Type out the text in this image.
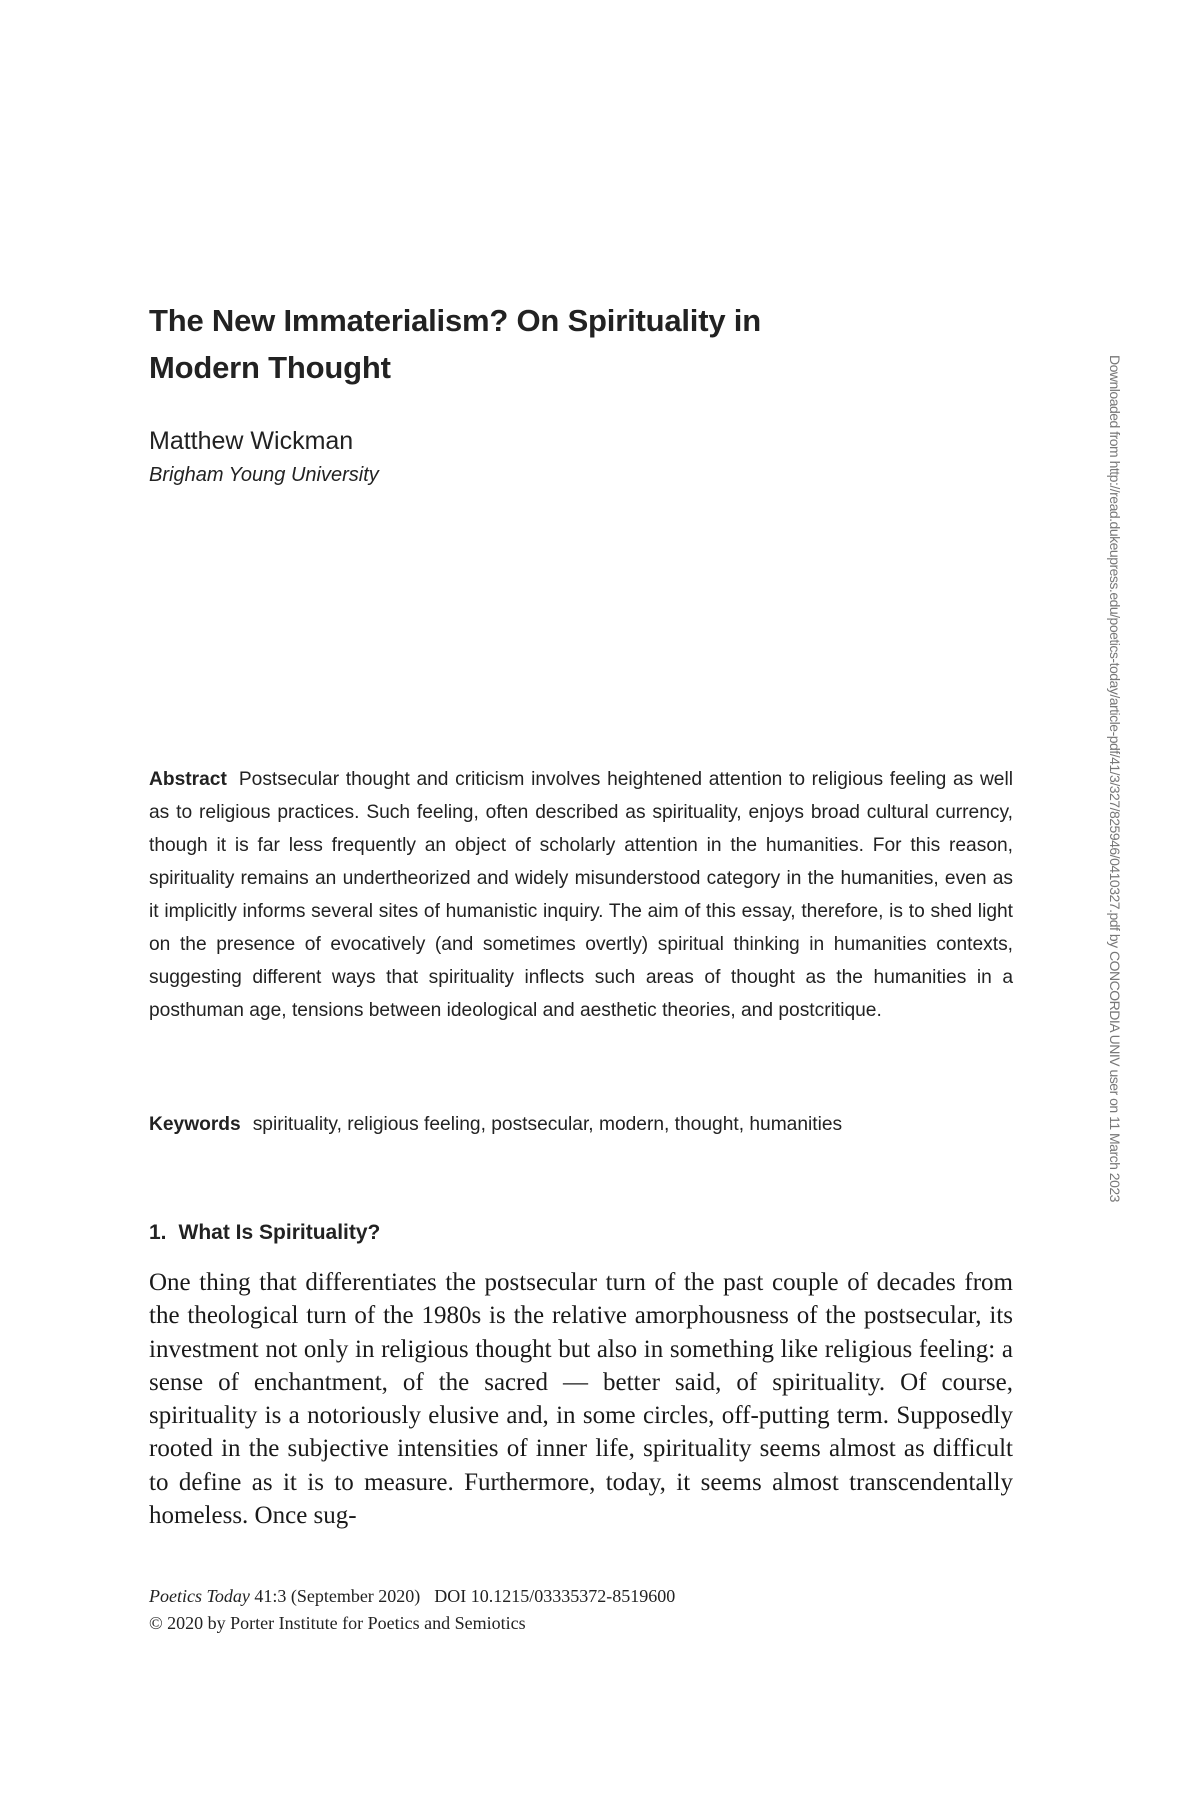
The New Immaterialism? On Spirituality in
Modern Thought
Matthew Wickman
Brigham Young University

Abstract Postsecular thought and criticism involves heightened attention to religious feeling as well as to religious practices. Such feeling, often described as spirituality, enjoys broad cultural currency, though it is far less frequently an object of scholarly attention in the humanities. For this reason, spirituality remains an undertheorized and widely misunderstood category in the humanities, even as it implicitly informs several sites of humanistic inquiry. The aim of this essay, therefore, is to shed light on the presence of evocatively (and sometimes overtly) spiritual thinking in humanities contexts, suggesting different ways that spirituality inflects such areas of thought as the humanities in a posthuman age, tensions between ideological and aesthetic theories, and postcritique.

Keywords spirituality, religious feeling, postsecular, modern, thought, humanities

1. What Is Spirituality?

One thing that differentiates the postsecular turn of the past couple of decades from the theological turn of the 1980s is the relative amorphousness of the postsecular, its investment not only in religious thought but also in something like religious feeling: a sense of enchantment, of the sacred — better said, of spirituality. Of course, spirituality is a notoriously elusive and, in some circles, off-putting term. Supposedly rooted in the subjective intensities of inner life, spirituality seems almost as difficult to define as it is to measure. Furthermore, today, it seems almost transcendentally homeless. Once sug-

Poetics Today 41:3 (September 2020) DOI 10.1215/03335372-8519600
© 2020 by Porter Institute for Poetics and Semiotics
Downloaded from http://read.dukeupress.edu/poetics-today/article-pdf/41/3/327/825946/0410327.pdf by CONCORDIA UNIV user on 11 March 2023
